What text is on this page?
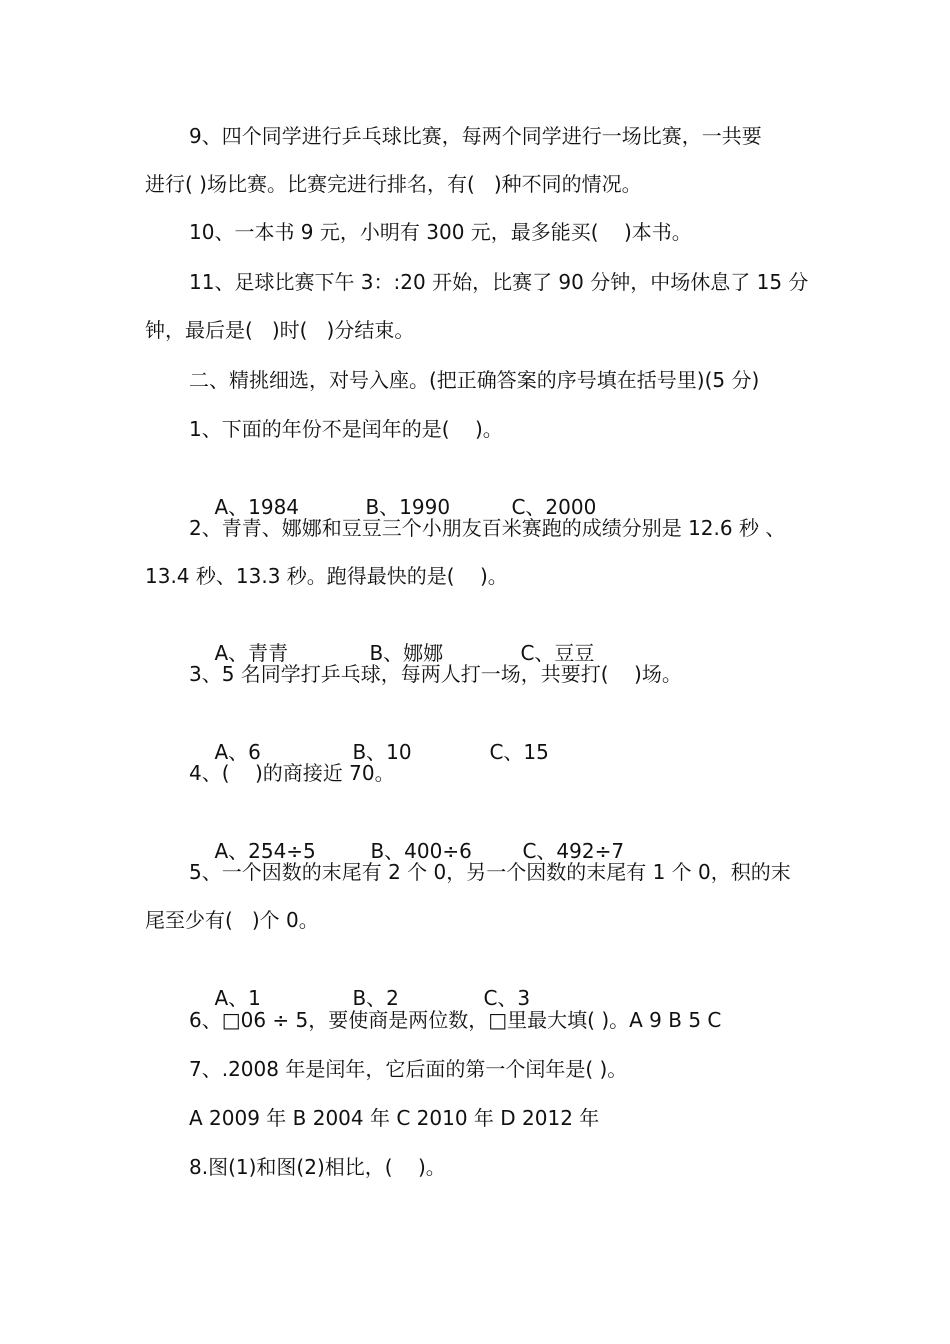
9、四个同学进行乒乓球比赛，每两个同学进行一场比赛，一共要
进行( )场比赛。比赛完进行排名，有(   )种不同的情况。
10、一本书 9 元，小明有 300 元，最多能买(    )本书。
11、足球比赛下午 3：:20 开始，比赛了 90 分钟，中场休息了 15 分
钟，最后是(   )时(   )分结束。
二、精挑细选，对号入座。(把正确答案的序号填在括号里)(5 分)
1、下面的年份不是闰年的是(    )。

A、1984	B、1990	C、2000

2、青青、娜娜和豆豆三个小朋友百米赛跑的成绩分别是 12.6 秒 、
13.4 秒、13.3 秒。跑得最快的是(    )。

A、青青	B、娜娜	C、豆豆

3、5 名同学打乒乓球，每两人打一场，共要打(    )场。

A、6	B、10	C、15

4、(    )的商接近 70。

A、254÷5	B、400÷6	C、492÷7

5、一个因数的末尾有 2 个 0，另一个因数的末尾有 1 个 0，积的末
尾至少有(   )个 0。

A、1	B、2	C、3

6、□06 ÷ 5，要使商是两位数，□里最大填( )。A 9 B 5 C
7、.2008 年是闰年，它后面的第一个闰年是( )。
A 2009 年 B 2004 年 C 2010 年 D 2012 年
8.图(1)和图(2)相比，(    )。
